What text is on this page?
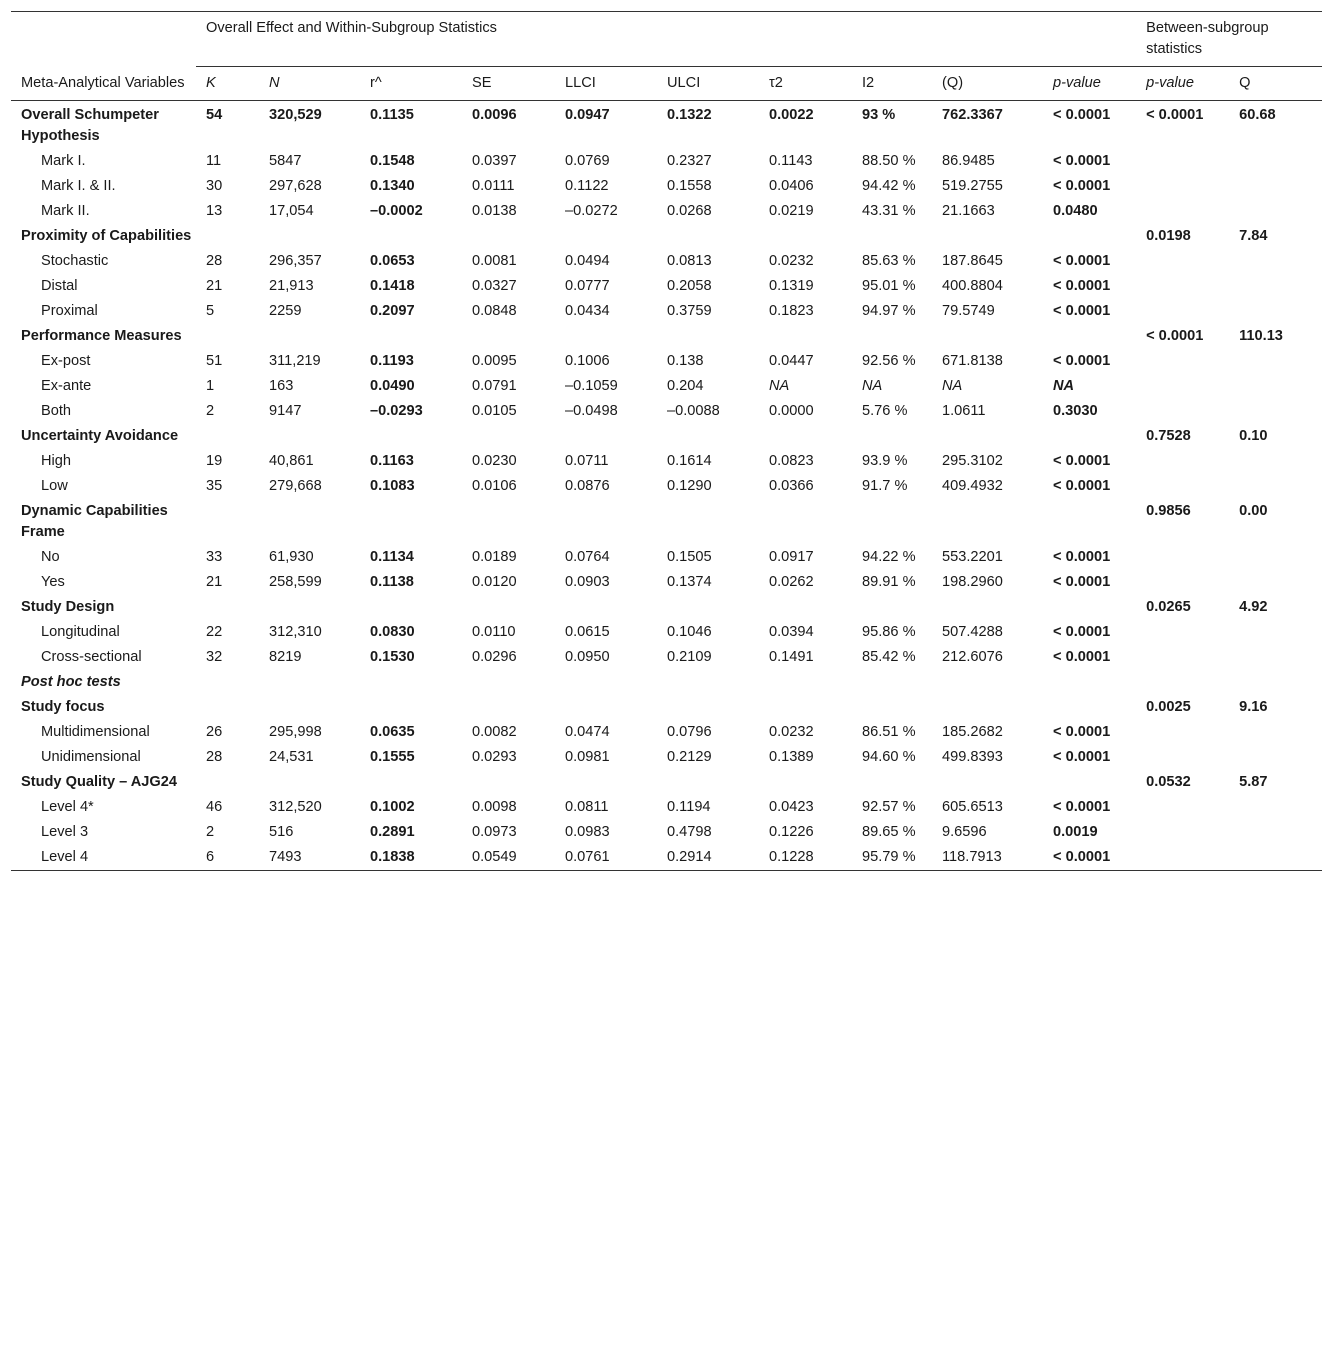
	Overall Effect and Within-Subgroup Statistics										Between-subgroup statistics	
Meta-Analytical Variables	K	N	r^	SE	LLCI	ULCI	τ2	I2	(Q)	p-value	p-value	Q
Overall Schumpeter Hypothesis	54	320,529	0.1135	0.0096	0.0947	0.1322	0.0022	93 %	762.3367	< 0.0001	< 0.0001	60.68
Mark I.	11	5847	0.1548	0.0397	0.0769	0.2327	0.1143	88.50 %	86.9485	< 0.0001		
Mark I. & II.	30	297,628	0.1340	0.0111	0.1122	0.1558	0.0406	94.42 %	519.2755	< 0.0001		
Mark II.	13	17,054	–0.0002	0.0138	–0.0272	0.0268	0.0219	43.31 %	21.1663	0.0480		
Proximity of Capabilities											0.0198	7.84
Stochastic	28	296,357	0.0653	0.0081	0.0494	0.0813	0.0232	85.63 %	187.8645	< 0.0001		
Distal	21	21,913	0.1418	0.0327	0.0777	0.2058	0.1319	95.01 %	400.8804	< 0.0001		
Proximal	5	2259	0.2097	0.0848	0.0434	0.3759	0.1823	94.97 %	79.5749	< 0.0001		
Performance Measures											< 0.0001	110.13
Ex-post	51	311,219	0.1193	0.0095	0.1006	0.138	0.0447	92.56 %	671.8138	< 0.0001		
Ex-ante	1	163	0.0490	0.0791	–0.1059	0.204	NA	NA	NA	NA		
Both	2	9147	–0.0293	0.0105	–0.0498	–0.0088	0.0000	5.76 %	1.0611	0.3030		
Uncertainty Avoidance											0.7528	0.10
High	19	40,861	0.1163	0.0230	0.0711	0.1614	0.0823	93.9 %	295.3102	< 0.0001		
Low	35	279,668	0.1083	0.0106	0.0876	0.1290	0.0366	91.7 %	409.4932	< 0.0001		
Dynamic Capabilities Frame											0.9856	0.00
No	33	61,930	0.1134	0.0189	0.0764	0.1505	0.0917	94.22 %	553.2201	< 0.0001		
Yes	21	258,599	0.1138	0.0120	0.0903	0.1374	0.0262	89.91 %	198.2960	< 0.0001		
Study Design											0.0265	4.92
Longitudinal	22	312,310	0.0830	0.0110	0.0615	0.1046	0.0394	95.86 %	507.4288	< 0.0001		
Cross-sectional	32	8219	0.1530	0.0296	0.0950	0.2109	0.1491	85.42 %	212.6076	< 0.0001		
Post hoc tests												
Study focus											0.0025	9.16
Multidimensional	26	295,998	0.0635	0.0082	0.0474	0.0796	0.0232	86.51 %	185.2682	< 0.0001		
Unidimensional	28	24,531	0.1555	0.0293	0.0981	0.2129	0.1389	94.60 %	499.8393	< 0.0001		
Study Quality – AJG24											0.0532	5.87
Level 4*	46	312,520	0.1002	0.0098	0.0811	0.1194	0.0423	92.57 %	605.6513	< 0.0001		
Level 3	2	516	0.2891	0.0973	0.0983	0.4798	0.1226	89.65 %	9.6596	0.0019		
Level 4	6	7493	0.1838	0.0549	0.0761	0.2914	0.1228	95.79 %	118.7913	< 0.0001		
